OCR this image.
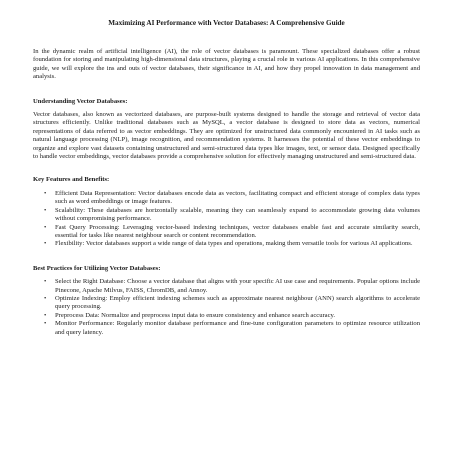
Maximizing AI Performance with Vector Databases: A Comprehensive Guide

In the dynamic realm of artificial intelligence (AI), the role of vector databases is paramount. These specialized databases offer a robust foundation for storing and manipulating high-dimensional data structures, playing a crucial role in various AI applications. In this comprehensive guide, we will explore the ins and outs of vector databases, their significance in AI, and how they propel innovation in data management and analysis.

Understanding Vector Databases:

Vector databases, also known as vectorized databases, are purpose-built systems designed to handle the storage and retrieval of vector data structures efficiently. Unlike traditional databases such as MySQL, a vector database is designed to store data as vectors, numerical representations of data referred to as vector embeddings. They are optimized for unstructured data commonly encountered in AI tasks such as natural language processing (NLP), image recognition, and recommendation systems. It harnesses the potential of these vector embeddings to organize and explore vast datasets containing unstructured and semi-structured data types like images, text, or sensor data. Designed specifically to handle vector embeddings, vector databases provide a comprehensive solution for effectively managing unstructured and semi-structured data.

Key Features and Benefits:
• Efficient Data Representation: Vector databases encode data as vectors, facilitating compact and efficient storage of complex data types such as word embeddings or image features.
• Scalability: These databases are horizontally scalable, meaning they can seamlessly expand to accommodate growing data volumes without compromising performance.
• Fast Query Processing: Leveraging vector-based indexing techniques, vector databases enable fast and accurate similarity search, essential for tasks like nearest neighbour search or content recommendation.
• Flexibility: Vector databases support a wide range of data types and operations, making them versatile tools for various AI applications.
Best Practices for Utilizing Vector Databases:
• Select the Right Database: Choose a vector database that aligns with your specific AI use case and requirements. Popular options include Pinecone, Apache Milvus, FAISS, ChromDB, and Annoy.
• Optimize Indexing: Employ efficient indexing schemes such as approximate nearest neighbour (ANN) search algorithms to accelerate query processing.
• Preprocess Data: Normalize and preprocess input data to ensure consistency and enhance search accuracy.
• Monitor Performance: Regularly monitor database performance and fine-tune configuration parameters to optimize resource utilization and query latency.
